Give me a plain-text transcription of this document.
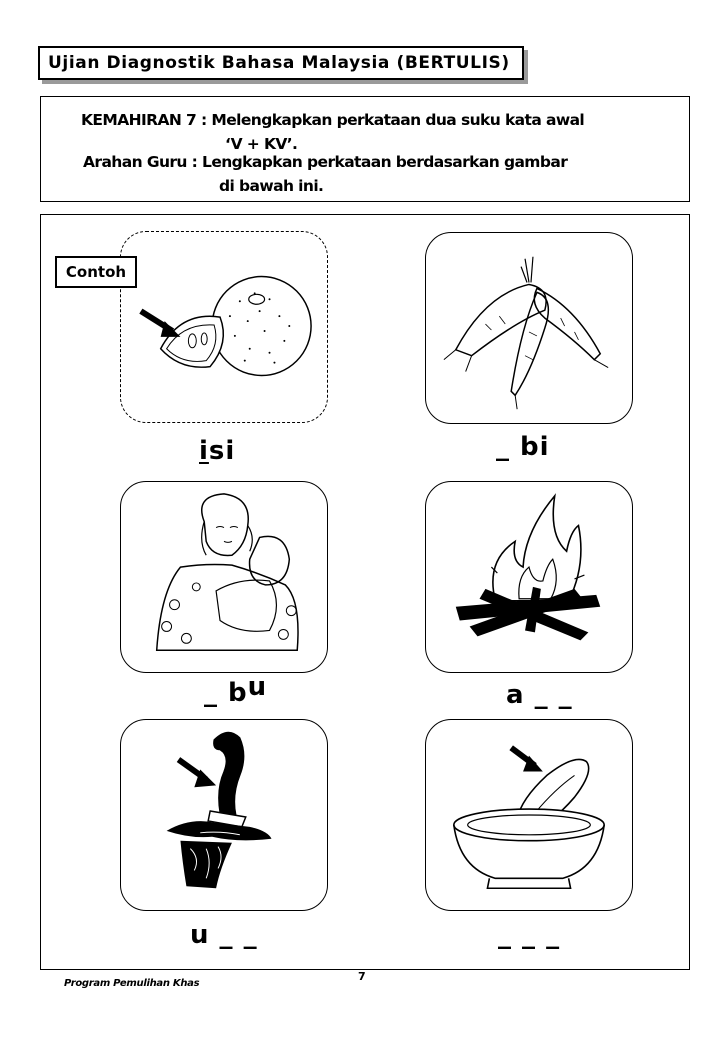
Ujian Diagnostik Bahasa Malaysia (BERTULIS)
KEMAHIRAN 7 : Melengkapkan perkataan dua suku kata awal
‘V + KV’.
Arahan Guru : Lengkapkan perkataan berdasarkan gambar
di bawah ini.
Contoh
isi	_ bi
_ bu	a _ _
u _ _	_ _ _
Program Pemulihan Khas
7
